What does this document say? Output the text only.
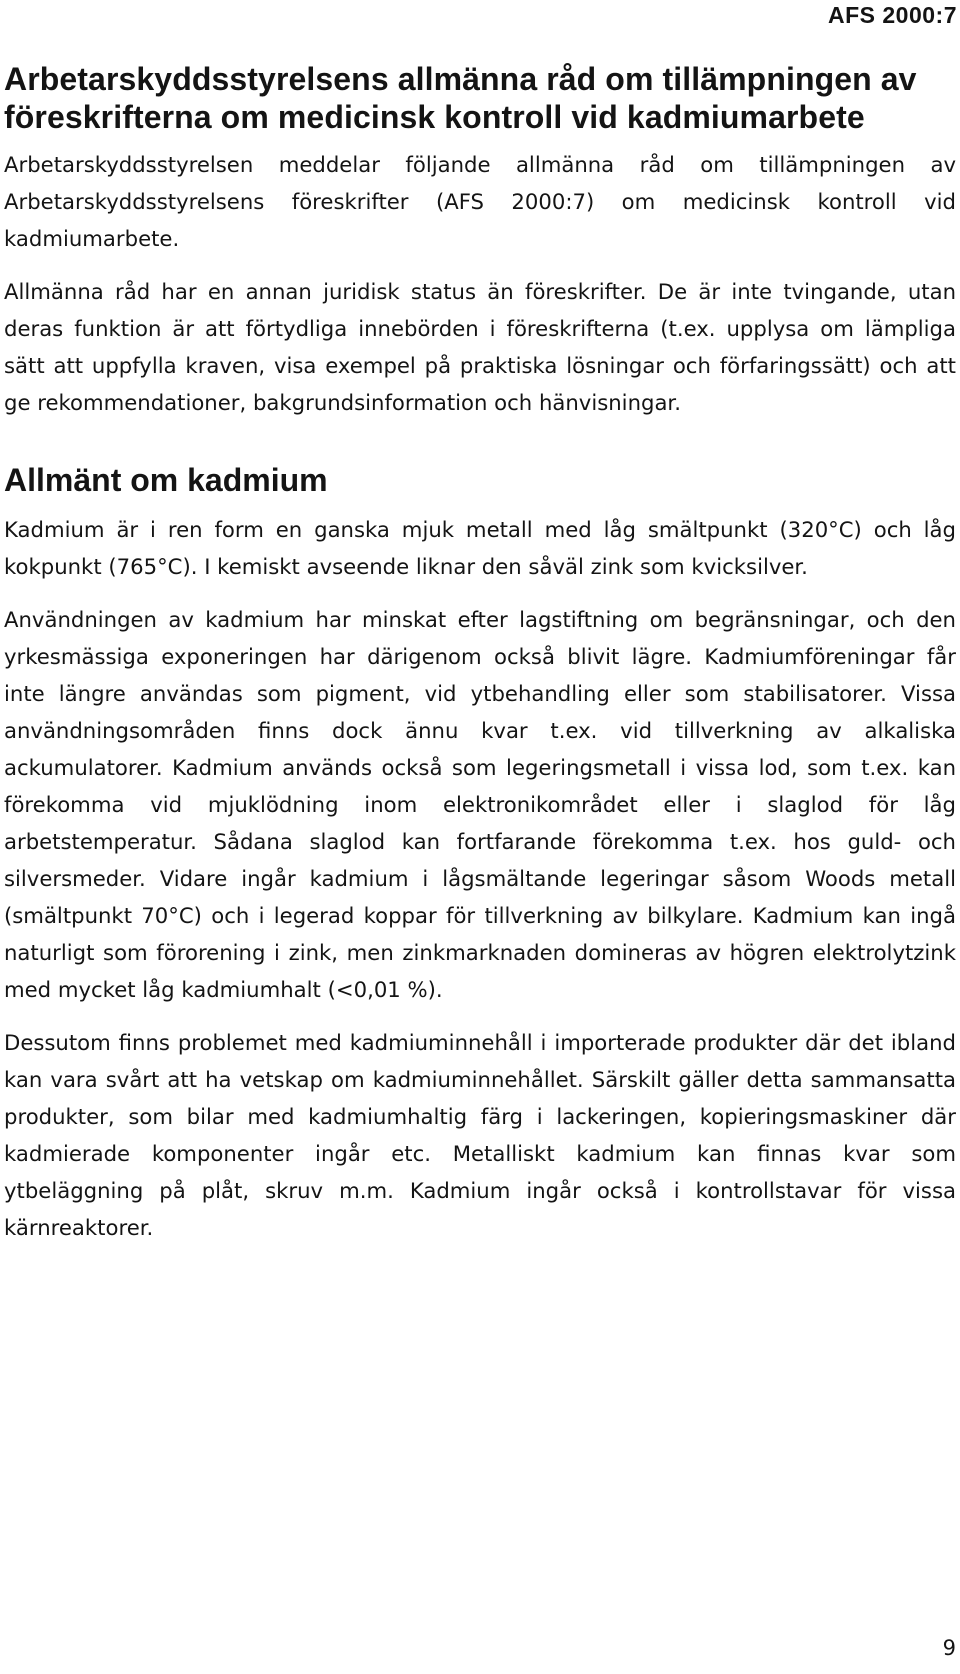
AFS 2000:7
Arbetarskyddsstyrelsens allmänna råd om tillämpningen av föreskrifterna om medicinsk kontroll vid kadmiumarbete

Arbetarskyddsstyrelsen meddelar följande allmänna råd om tillämpningen av Arbetarskyddsstyrelsens föreskrifter (AFS 2000:7) om medicinsk kontroll vid kadmiumarbete.

Allmänna råd har en annan juridisk status än föreskrifter. De är inte tvingande, utan deras funktion är att förtydliga innebörden i föreskrifterna (t.ex. upplysa om lämpliga sätt att uppfylla kraven, visa exempel på praktiska lösningar och förfaringssätt) och att ge rekommendationer, bakgrundsinformation och hänvisningar.

Allmänt om kadmium

Kadmium är i ren form en ganska mjuk metall med låg smältpunkt (320°C) och låg kokpunkt (765°C). I kemiskt avseende liknar den såväl zink som kvicksilver.

Användningen av kadmium har minskat efter lagstiftning om begränsningar, och den yrkesmässiga exponeringen har därigenom också blivit lägre. Kadmiumföreningar får inte längre användas som pigment, vid ytbehandling eller som stabilisatorer. Vissa användningsområden finns dock ännu kvar t.ex. vid tillverkning av alkaliska ackumulatorer. Kadmium används också som legeringsmetall i vissa lod, som t.ex. kan förekomma vid mjuklödning inom elektronikområdet eller i slaglod för låg arbetstemperatur. Sådana slaglod kan fortfarande förekomma t.ex. hos guld- och silversmeder. Vidare ingår kadmium i lågsmältande legeringar såsom Woods metall (smältpunkt 70°C) och i legerad koppar för tillverkning av bilkylare. Kadmium kan ingå naturligt som förorening i zink, men zinkmarknaden domineras av högren elektrolytzink med mycket låg kadmiumhalt (<0,01 %).

Dessutom finns problemet med kadmiuminnehåll i importerade produkter där det ibland kan vara svårt att ha vetskap om kadmiuminnehållet. Särskilt gäller detta sammansatta produkter, som bilar med kadmiumhaltig färg i lackeringen, kopieringsmaskiner där kadmierade komponenter ingår etc. Metalliskt kadmium kan finnas kvar som ytbeläggning på plåt, skruv m.m. Kadmium ingår också i kontrollstavar för vissa kärnreaktorer.

9
